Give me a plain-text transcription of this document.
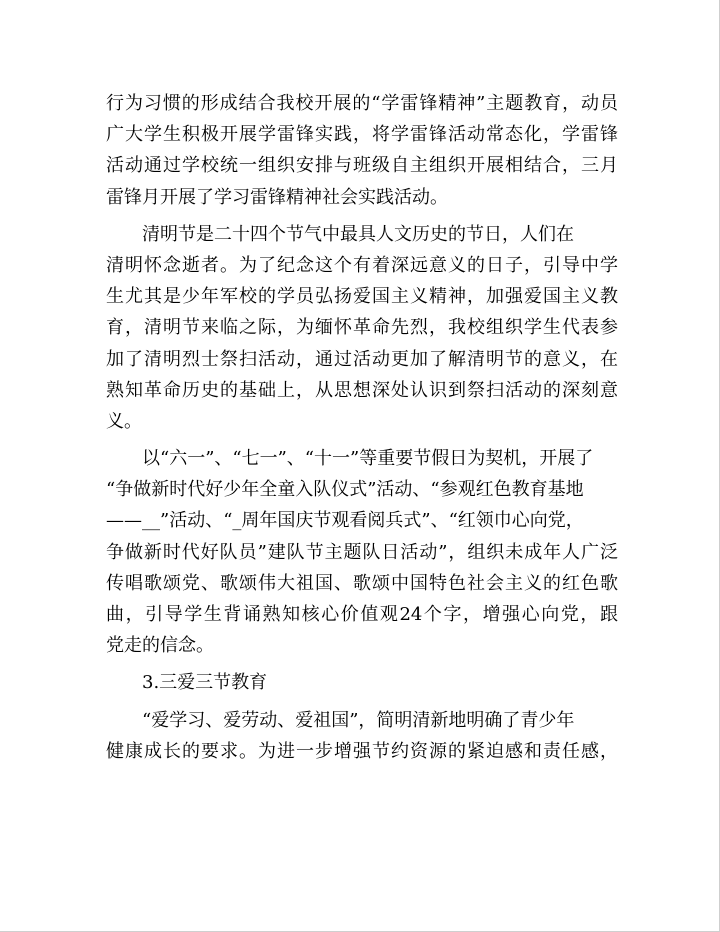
行为习惯的形成结合我校开展的“学雷锋精神”主题教育，动员
广大学生积极开展学雷锋实践，将学雷锋活动常态化，学雷锋
活动通过学校统一组织安排与班级自主组织开展相结合，三月
雷锋月开展了学习雷锋精神社会实践活动。
清明节是二十四个节气中最具人文历史的节日，人们在
清明怀念逝者。为了纪念这个有着深远意义的日子，引导中学
生尤其是少年军校的学员弘扬爱国主义精神，加强爱国主义教
育，清明节来临之际，为缅怀革命先烈，我校组织学生代表参
加了清明烈士祭扫活动，通过活动更加了解清明节的意义，在
熟知革命历史的基础上，从思想深处认识到祭扫活动的深刻意
义。
以“六一”、“七一”、“十一”等重要节假日为契机，开展了
“争做新时代好少年全童入队仪式”活动、“参观红色教育基地
——__”活动、“_周年国庆节观看阅兵式”、“红领巾心向党，
争做新时代好队员”建队节主题队日活动”，组织未成年人广泛
传唱歌颂党、歌颂伟大祖国、歌颂中国特色社会主义的红色歌
曲，引导学生背诵熟知核心价值观24个字，增强心向党，跟
党走的信念。
3.三爱三节教育
“爱学习、爱劳动、爱祖国”，简明清新地明确了青少年
健康成长的要求。为进一步增强节约资源的紧迫感和责任感，
